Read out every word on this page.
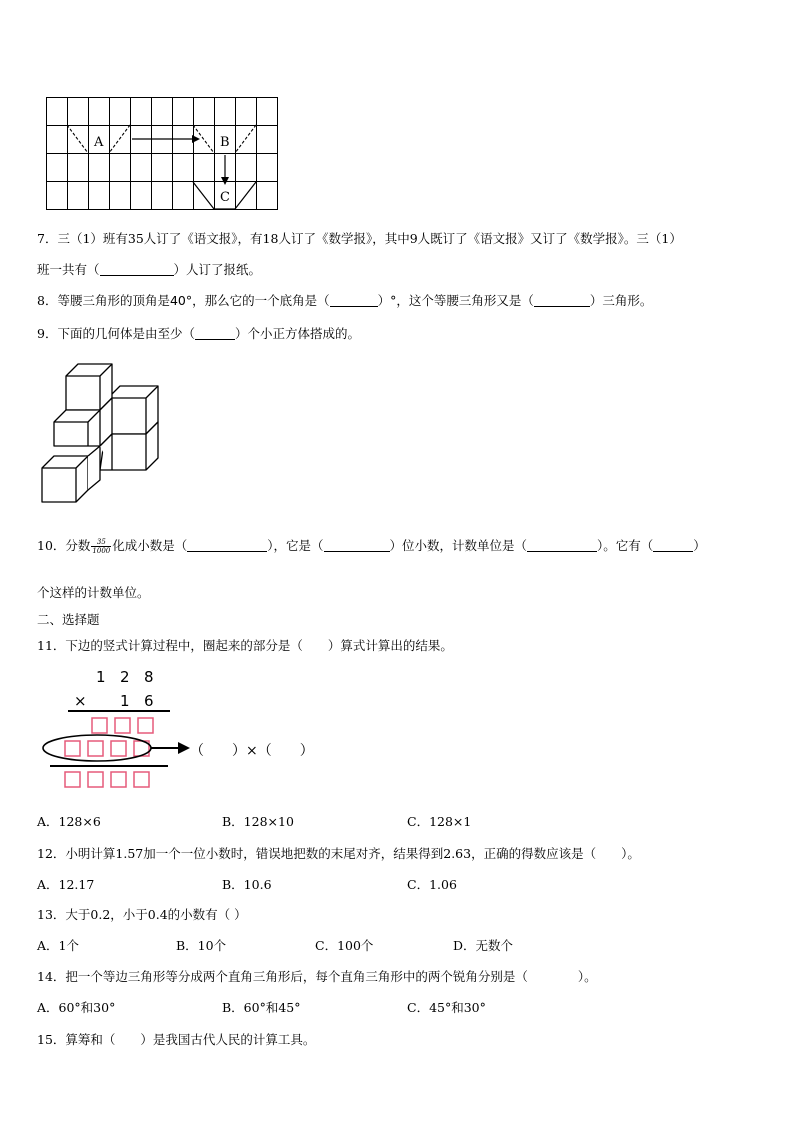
A	B
C
7．三（1）班有35人订了《语文报》，有18人订了《数学报》，其中9人既订了《语文报》又订了《数学报》。三（1）
班一共有（	）人订了报纸。
8．等腰三角形的顶角是40°，那么它的一个底角是（	）°，这个等腰三角形又是（	）三角形。
9．下面的几何体是由至少（	）个小正方体搭成的。
10．分数 $\frac{35}{1000}$ 化成小数是（	），它是（	）位小数，计数单位是（	）。它有（	）
个这样的计数单位。
二、选择题
11．下边的竖式计算过程中，圈起来的部分是（　　）算式计算出的结果。
1 2 8
× 1 6
（　　）×（　　）
A．128×6	B．128×10	C．128×1
12．小明计算1.57加一个一位小数时，错误地把数的末尾对齐，结果得到2.63，正确的得数应该是（　　）。
A．12.17	B．10.6	C．1.06
13．大于0.2，小于0.4的小数有（ ）
A．1个	B．10个	C．100个	D．无数个
14．把一个等边三角形等分成两个直角三角形后，每个直角三角形中的两个锐角分别是（　　　　）。
A．60°和30°	B．60°和45°	C．45°和30°
15．算筹和（　　）是我国古代人民的计算工具。
